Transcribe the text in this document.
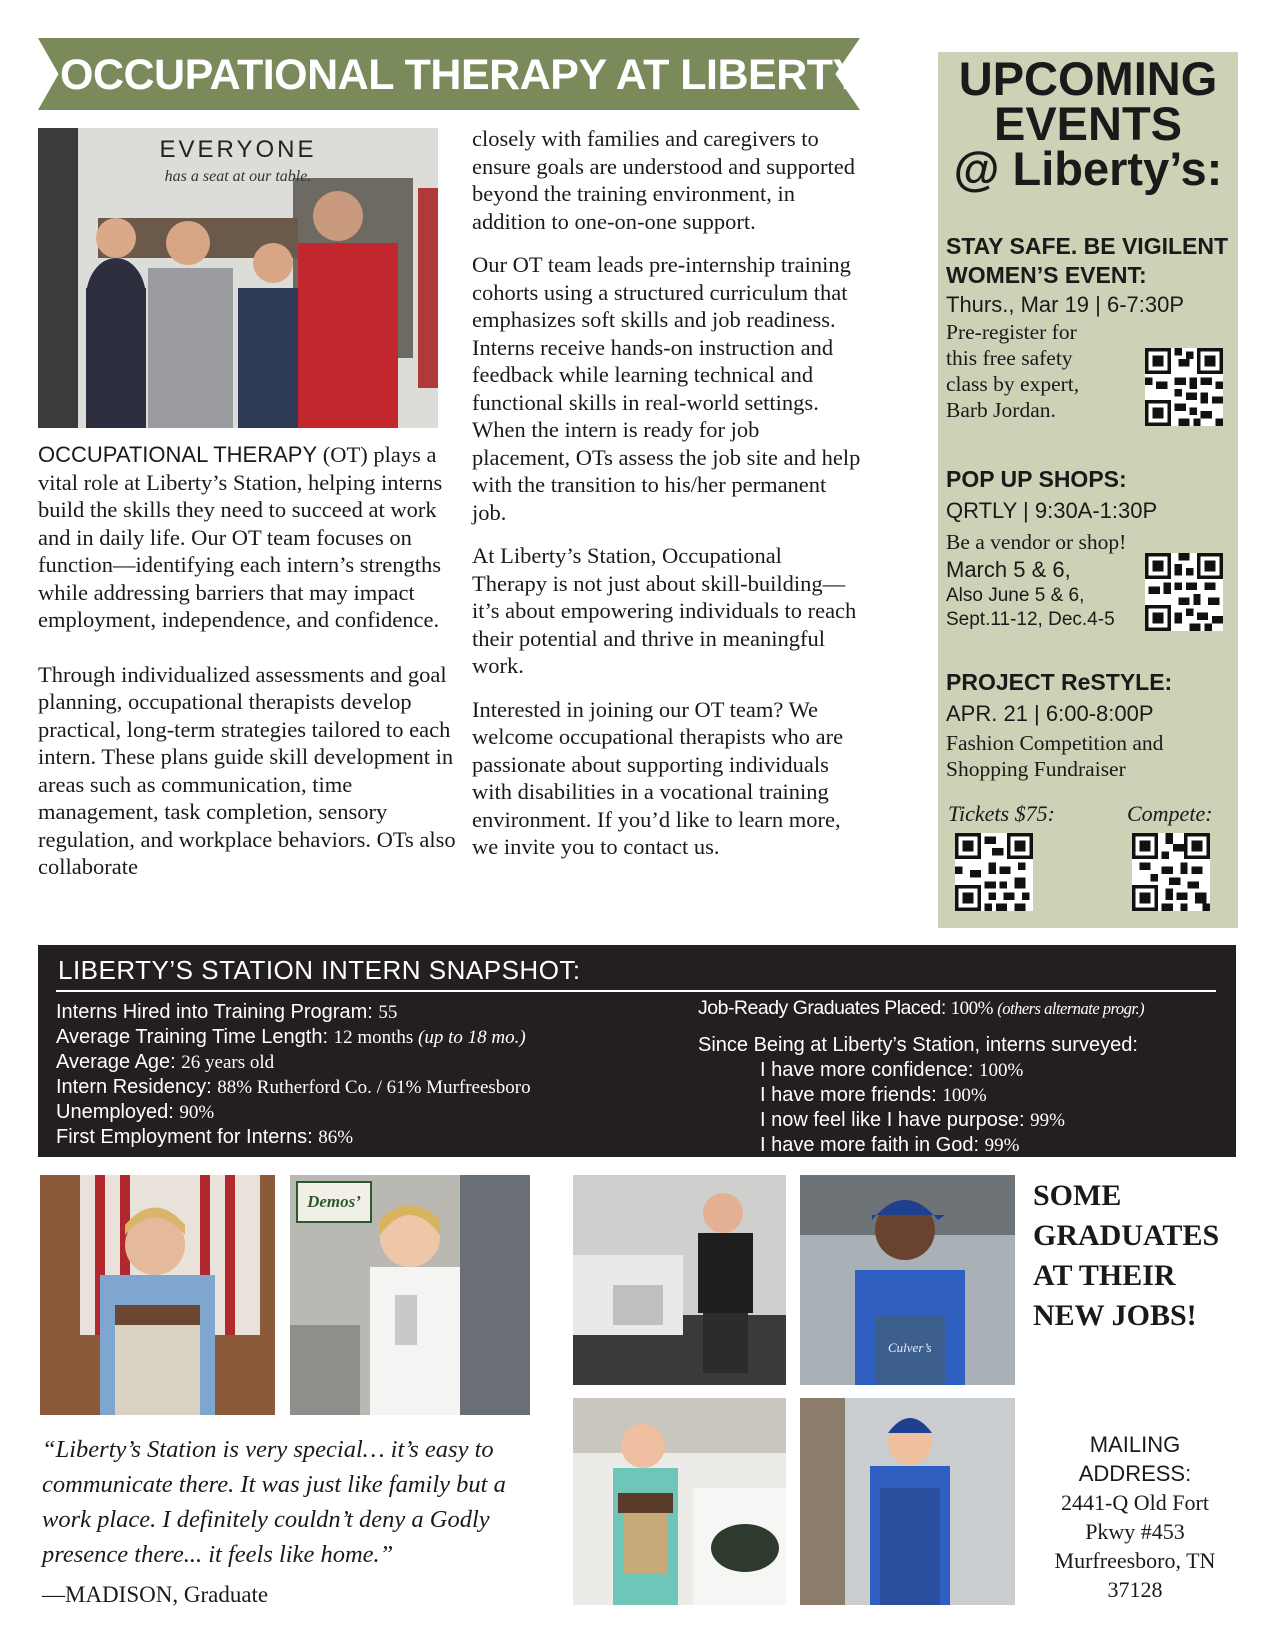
OCCUPATIONAL THERAPY AT LIBERTY’S
EVERYONE
has a seat at our table.

OCCUPATIONAL THERAPY (OT) plays a vital role at Liberty’s Station, helping interns build the skills they need to succeed at work and in daily life. Our OT team focuses on function—identifying each intern’s strengths while addressing barriers that may impact employment, independence, and confidence.

Through individualized assessments and goal planning, occupational therapists develop practical, long-term strategies tailored to each intern. These plans guide skill development in areas such as communication, time management, task completion, sensory regulation, and workplace behaviors. OTs also collaborate

closely with families and caregivers to ensure goals are understood and supported beyond the training environment, in addition to one-on-one support.

Our OT team leads pre-internship training cohorts using a structured curriculum that emphasizes soft skills and job readiness. Interns receive hands-on instruction and feedback while learning technical and functional skills in real-world settings. When the intern is ready for job placement, OTs assess the job site and help with the transition to his/her permanent job.

At Liberty’s Station, Occupational Therapy is not just about skill-building—it’s about empowering individuals to reach their potential and thrive in meaningful work.

Interested in joining our OT team? We welcome occupational therapists who are passionate about supporting individuals with disabilities in a vocational training environment. If you’d like to learn more, we invite you to contact us.

UPCOMING
EVENTS
@ Liberty’s:
STAY SAFE. BE VIGILENT
WOMEN’S EVENT:
Thurs., Mar 19 | 6-7:30P
Pre-register for
this free safety
class by expert,
Barb Jordan.
POP UP SHOPS:
QRTLY | 9:30A-1:30P
Be a vendor or shop!
March 5 & 6,
Also June 5 & 6,
Sept.11-12, Dec.4-5
PROJECT ReSTYLE:
APR. 21 | 6:00-8:00P
Fashion Competition and
Shopping Fundraiser
Tickets $75:	Compete:
LIBERTY’S STATION INTERN SNAPSHOT:
Interns Hired into Training Program: 55
Average Training Time Length: 12 months (up to 18 mo.)
Average Age: 26 years old
Intern Residency: 88% Rutherford Co. / 61% Murfreesboro
Unemployed: 90%
First Employment for Interns: 86%
Job-Ready Graduates Placed: 100% (others alternate progr.)
Since Being at Liberty’s Station, interns surveyed:
I have more confidence: 100%
I have more friends: 100%
I now feel like I have purpose: 99%
I have more faith in God: 99%
Demos’
Culver’s
“Liberty’s Station is very special… it’s easy to communicate there. It was just like family but a work place. I definitely couldn’t deny a Godly presence there... it feels like home.”
—MADISON, Graduate
SOME GRADUATES AT THEIR NEW JOBS!
MAILING
ADDRESS:
2441-Q Old Fort
Pkwy #453
Murfreesboro, TN
37128
